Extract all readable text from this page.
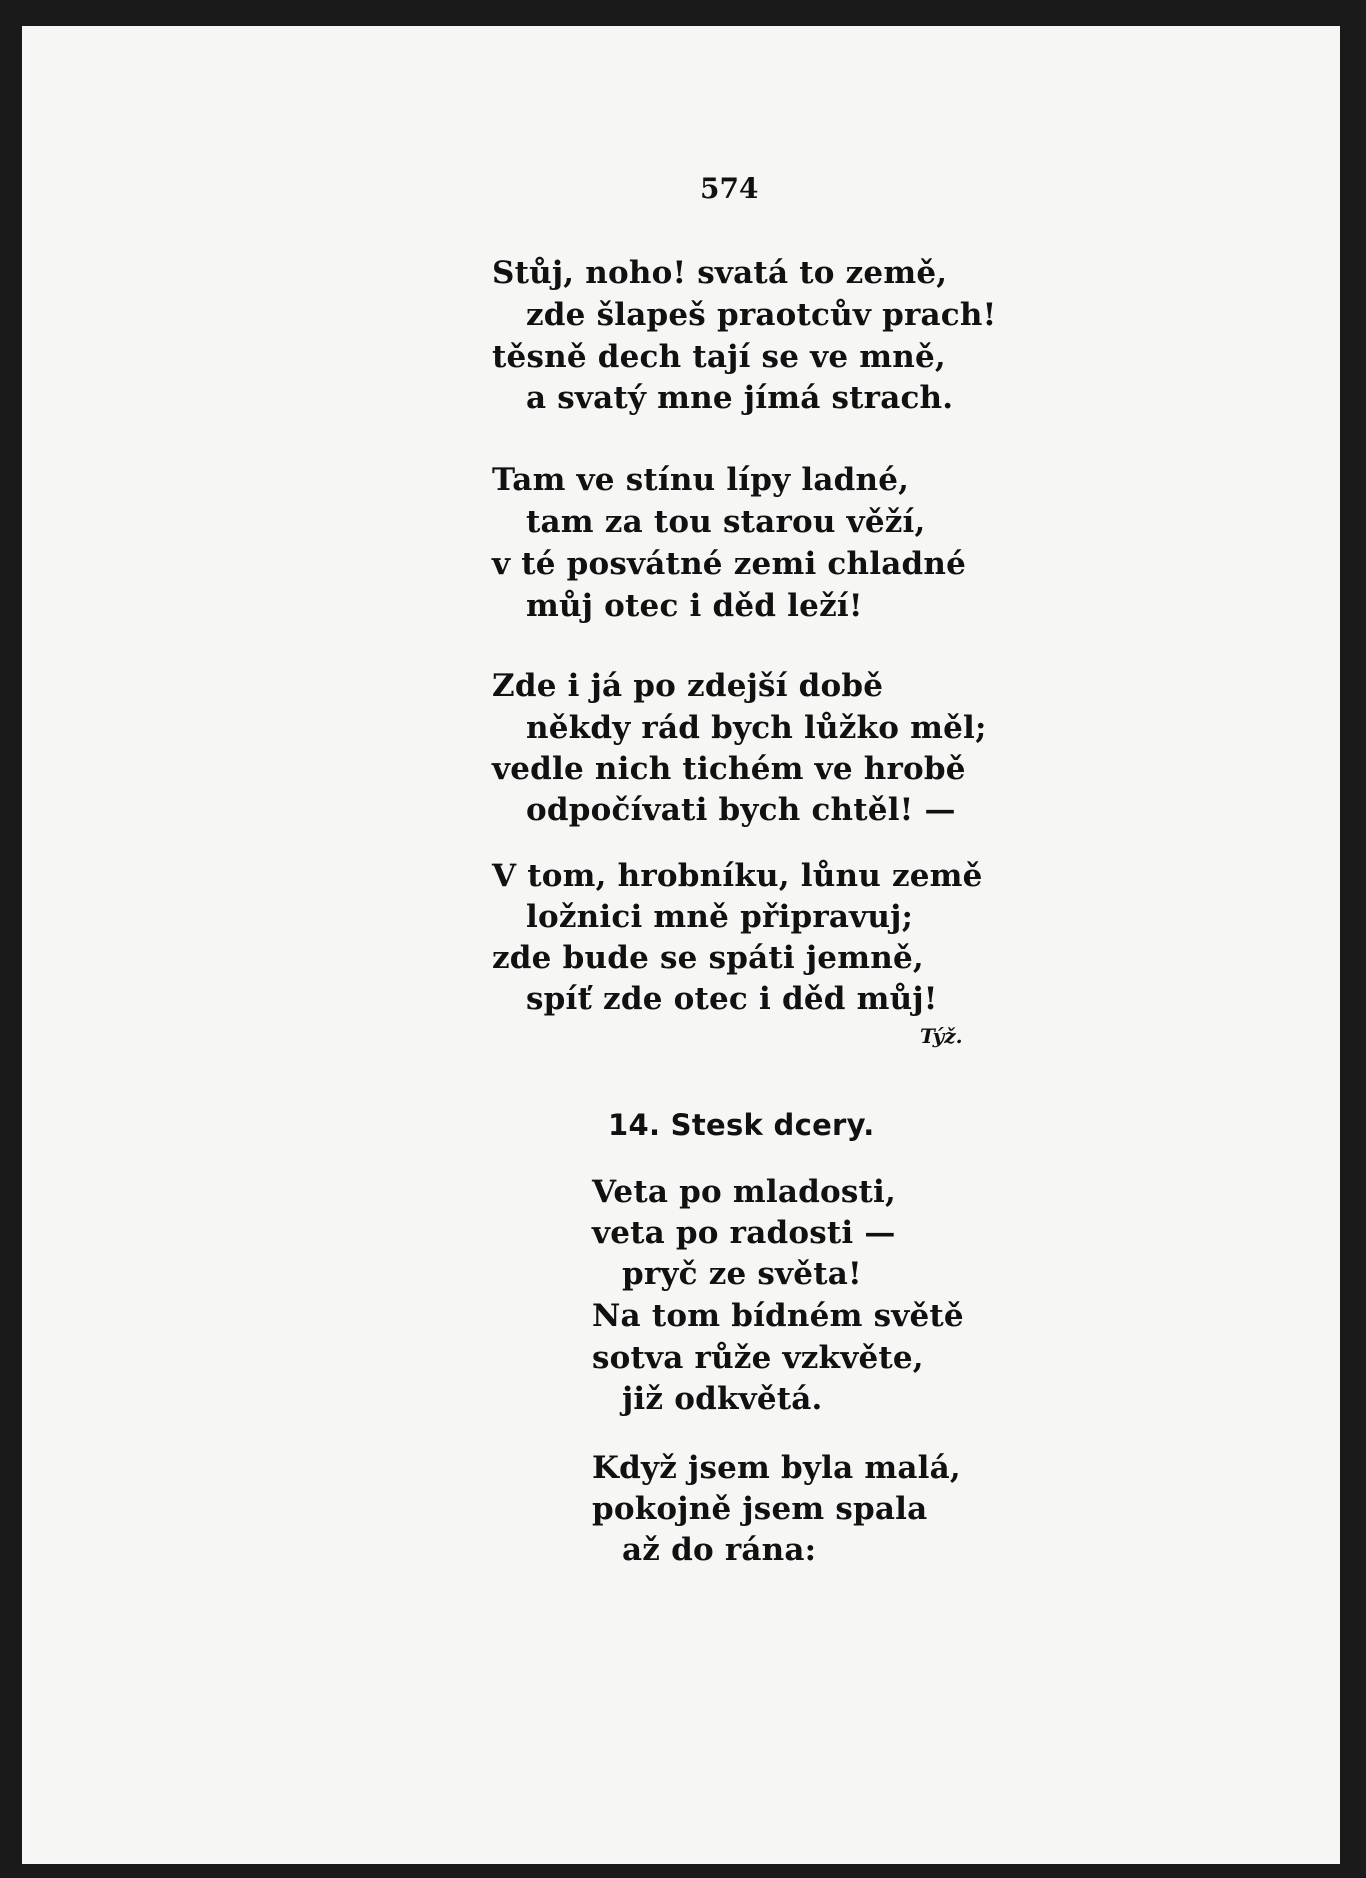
574
Stůj, noho! svatá to země,
zde šlapeš praotcův prach!
těsně dech tají se ve mně,
a svatý mne jímá strach.
Tam ve stínu lípy ladné,
tam za tou starou věží,
v té posvátné zemi chladné
můj otec i děd leží!
Zde i já po zdejší době
někdy rád bych lůžko měl;
vedle nich tichém ve hrobě
odpočívati bych chtěl! —
V tom, hrobníku, lůnu země
ložnici mně připravuj;
zde bude se spáti jemně,
spíť zde otec i děd můj!
Týž.
14. Stesk dcery.
Veta po mladosti,
veta po radosti —
pryč ze světa!
Na tom bídném světě
sotva růže vzkvěte,
již odkvětá.
Když jsem byla malá,
pokojně jsem spala
až do rána:
